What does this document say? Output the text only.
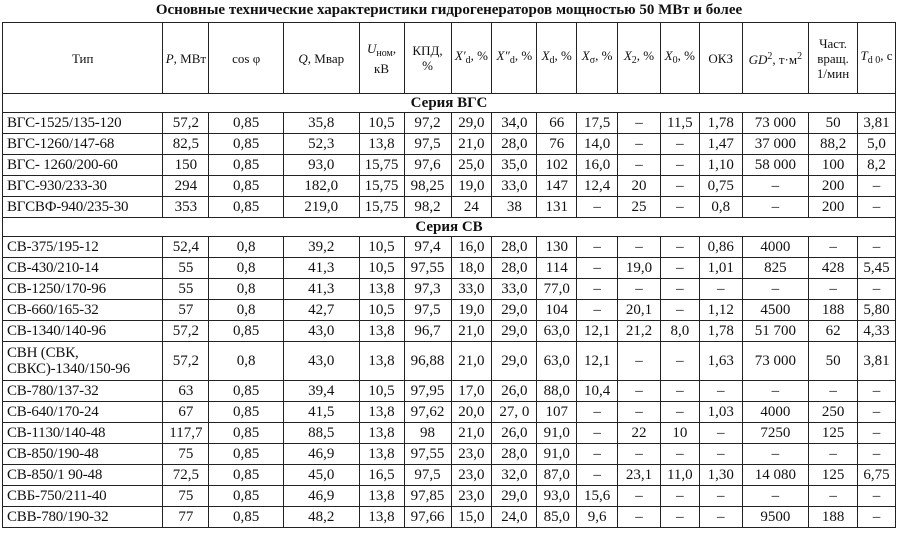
Основные технические характеристики гидрогенераторов мощностью 50 МВт и более
Тип	P, МВт	cos φ	Q, Мвар	$U_{ном}$, кВ	КПД, %	$X'_d$, %	$X''_d$, %	$X_d$, %	$X_\sigma$, %	$X_2$, %	$X_0$, %	ОКЗ	$GD^2$, $т\cdot м^2$	Част. вращ. 1/мин	$T_{d 0}$, с
Серия ВГС															
ВГС-1525/135-120	57,2	0,85	35,8	10,5	97,2	29,0	34,0	66	17,5	–	11,5	1,78	73 000	50	3,81
ВГС-1260/147-68	82,5	0,85	52,3	13,8	97,5	21,0	28,0	76	14,0	–	–	1,47	37 000	88,2	5,0
ВГС- 1260/200-60	150	0,85	93,0	15,75	97,6	25,0	35,0	102	16,0	–	–	1,10	58 000	100	8,2
ВГС-930/233-30	294	0,85	182,0	15,75	98,25	19,0	33,0	147	12,4	20	–	0,75	–	200	–
ВГСВФ-940/235-30	353	0,85	219,0	15,75	98,2	24	38	131	–	25	–	0,8	–	200	–
Серия СВ															
СВ-375/195-12	52,4	0,8	39,2	10,5	97,4	16,0	28,0	130	–	–	–	0,86	4000	–	–
СВ-430/210-14	55	0,8	41,3	10,5	97,55	18,0	28,0	114	–	19,0	–	1,01	825	428	5,45
СВ-1250/170-96	55	0,8	41,3	13,8	97,3	33,0	33,0	77,0	–	–	–	–	–	–	–
СВ-660/165-32	57	0,8	42,7	10,5	97,5	19,0	29,0	104	–	20,1	–	1,12	4500	188	5,80
СВ-1340/140-96	57,2	0,85	43,0	13,8	96,7	21,0	29,0	63,0	12,1	21,2	8,0	1,78	51 700	62	4,33
СВН (СВК, СВКС)-1340/150-96	57,2	0,8	43,0	13,8	96,88	21,0	29,0	63,0	12,1	–	–	1,63	73 000	50	3,81
СВ-780/137-32	63	0,85	39,4	10,5	97,95	17,0	26,0	88,0	10,4	–	–	–	–	–	–
СВ-640/170-24	67	0,85	41,5	13,8	97,62	20,0	27, 0	107	–	–	–	1,03	4000	250	–
СВ-1130/140-48	117,7	0,85	88,5	13,8	98	21,0	26,0	91,0	–	22	10	–	7250	125	–
СВ-850/190-48	75	0,85	46,9	13,8	97,55	23,0	28,0	91,0	–	–	–	–	–	–	–
СВ-850/1 90-48	72,5	0,85	45,0	16,5	97,5	23,0	32,0	87,0	–	23,1	11,0	1,30	14 080	125	6,75
СВБ-750/211-40	75	0,85	46,9	13,8	97,85	23,0	29,0	93,0	15,6	–	–	–	–	–	–
СВВ-780/190-32	77	0,85	48,2	13,8	97,66	15,0	24,0	85,0	9,6	–	–	–	9500	188	–
